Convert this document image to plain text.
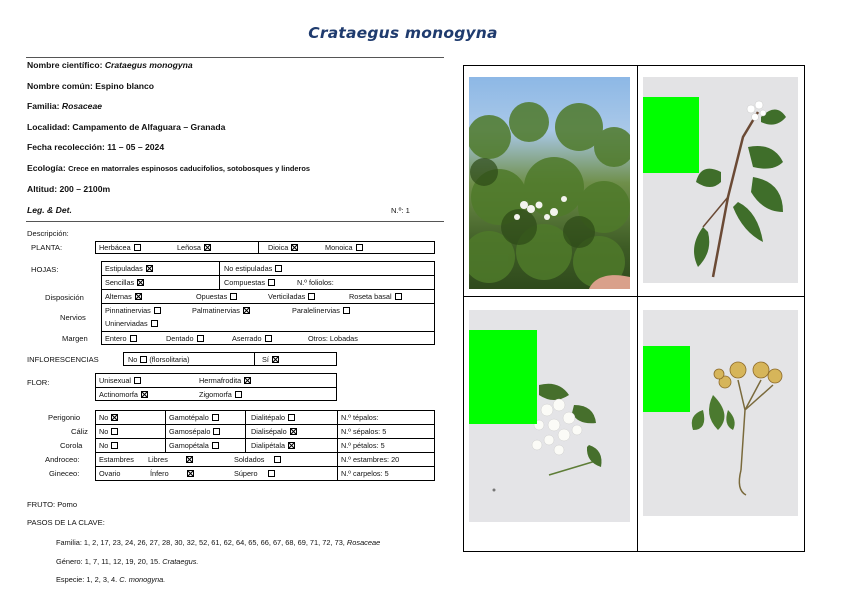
Crataegus monogyna
Nombre científico: Crataegus monogyna
Nombre común: Espino blanco
Familia: Rosaceae
Localidad: Campamento de Alfaguara – Granada
Fecha recolección: 11 – 05 – 2024
Ecología: Crece en matorrales espinosos caducifolios, sotobosques y linderos
Altitud: 200 – 2100m
Leg. & Det.	N.º: 1
Descripción:
PLANTA:	Herbácea	Leñosa	Dioica	Monoica
HOJAS:	Estipuladas	No estipuladas
Sencillas	Compuestas	N.º foliolos:
Disposición	Alternas	Opuestas	Verticiladas	Roseta basal
Nervios
Pinnatinervias	Palmatinervias	Paralelinervias
Uninerviadas
Margen Entero	Dentado	Aserrado	Otros: Lobadas
INFLORESCENCIAS	No (florsolitaria)	Sí
FLOR:	Unisexual	Hermafrodita
Actinomorfa	Zigomorfa
Perigonio	No	Gamotépalo	Dialitépalo	N.º tépalos:
Cáliz No	Gamosépalo	Dialisépalo	N.º sépalos: 5
Corola No	Gamopétala	Dialipétala	N.º pétalos: 5
Androceo:	Estambres Libres	Soldados	N.º estambres: 20
Gineceo:	Ovario	Ínfero	Súpero	N.º carpelos: 5
FRUTO: Pomo
PASOS DE LA CLAVE:
Familia: 1, 2, 17, 23, 24, 26, 27, 28, 30, 32, 52, 61, 62, 64, 65, 66, 67, 68, 69, 71, 72, 73, Rosaceae
Género: 1, 7, 11, 12, 19, 20, 15. Crataegus.
Especie: 1, 2, 3, 4. C. monogyna.
